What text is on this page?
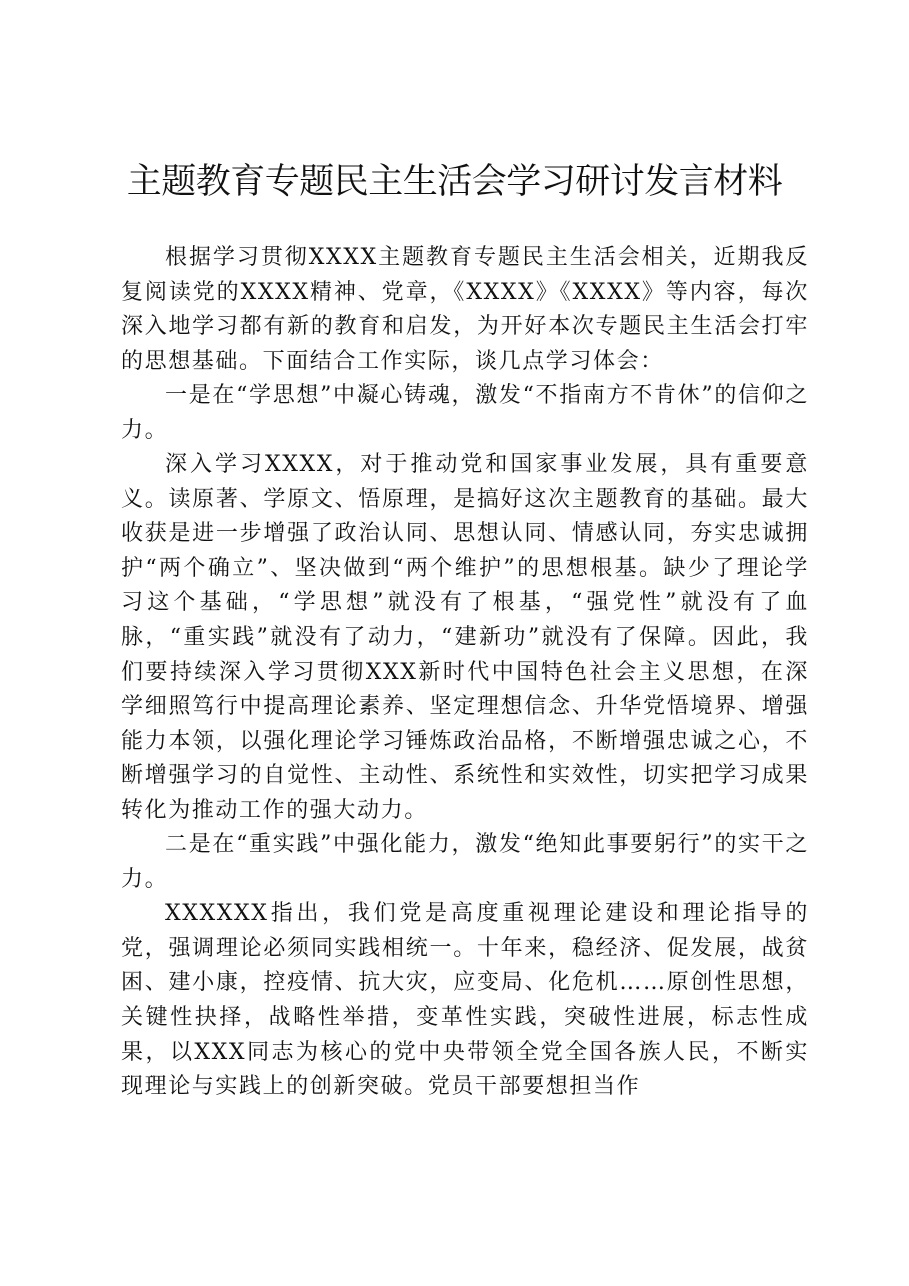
主题教育专题民主生活会学习研讨发言材料

根据学习贯彻XXXX主题教育专题民主生活会相关，近期我反复阅读党的XXXX精神、党章，《XXXX》《XXXX》等内容，每次深入地学习都有新的教育和启发，为开好本次专题民主生活会打牢的思想基础。下面结合工作实际，谈几点学习体会：

一是在“学思想”中凝心铸魂，激发“不指南方不肯休”的信仰之力。

深入学习XXXX，对于推动党和国家事业发展，具有重要意义。读原著、学原文、悟原理，是搞好这次主题教育的基础。最大收获是进一步增强了政治认同、思想认同、情感认同，夯实忠诚拥护“两个确立”、坚决做到“两个维护”的思想根基。缺少了理论学习这个基础，“学思想”就没有了根基，“强党性”就没有了血脉，“重实践”就没有了动力，“建新功”就没有了保障。因此，我们要持续深入学习贯彻XXX新时代中国特色社会主义思想，在深学细照笃行中提高理论素养、坚定理想信念、升华党悟境界、增强能力本领，以强化理论学习锤炼政治品格，不断增强忠诚之心，不断增强学习的自觉性、主动性、系统性和实效性，切实把学习成果转化为推动工作的强大动力。

二是在“重实践”中强化能力，激发“绝知此事要躬行”的实干之力。

XXXXXX指出，我们党是高度重视理论建设和理论指导的党，强调理论必须同实践相统一。十年来，稳经济、促发展，战贫困、建小康，控疫情、抗大灾，应变局、化危机……原创性思想，关键性抉择，战略性举措，变革性实践，突破性进展，标志性成果，以XXX同志为核心的党中央带领全党全国各族人民，不断实现理论与实践上的创新突破。党员干部要想担当作
